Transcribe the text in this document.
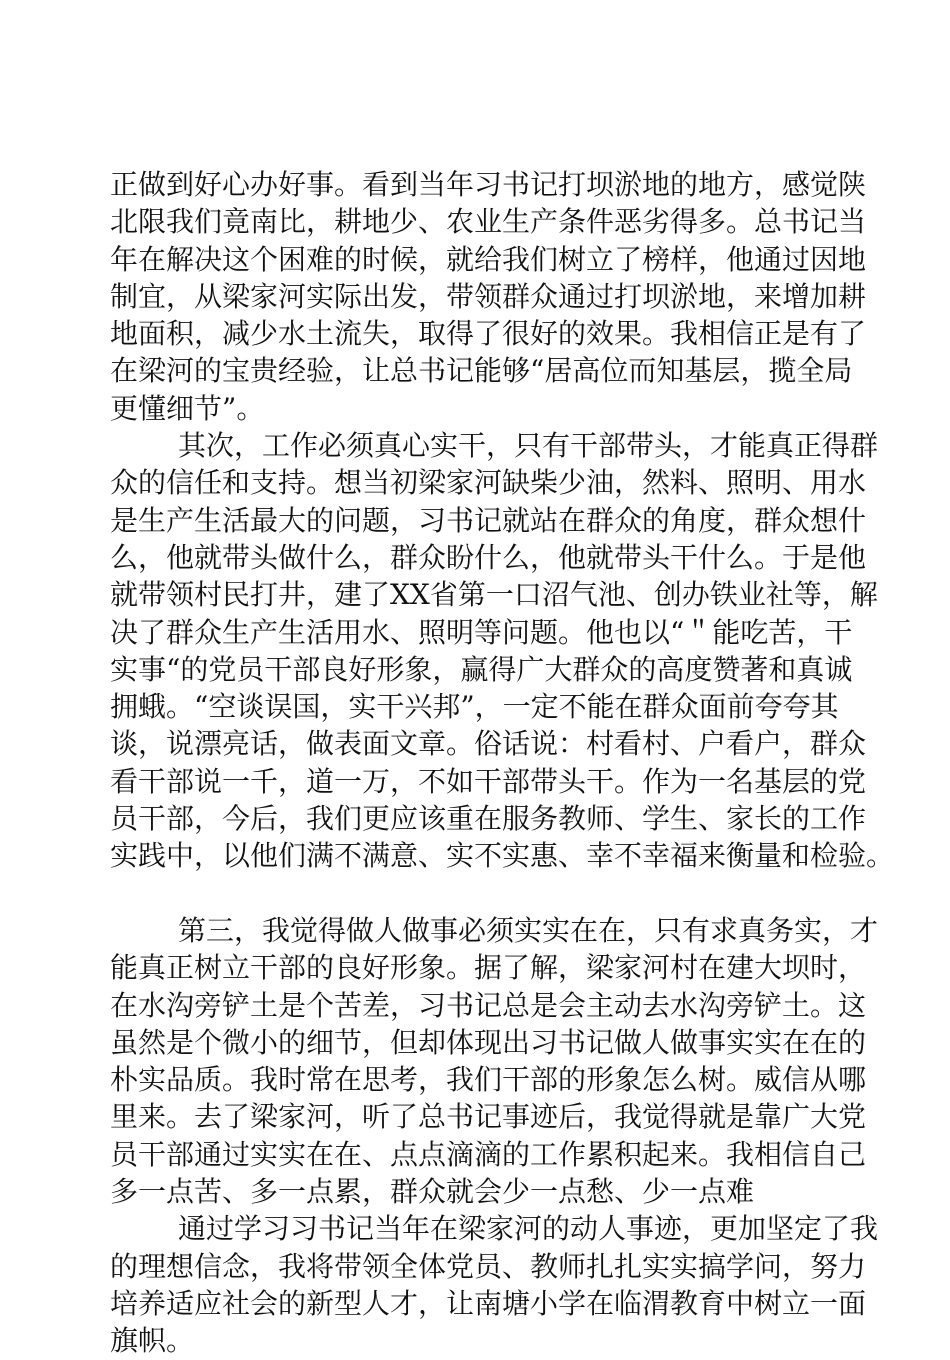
正做到好心办好事。看到当年习书记打坝淤地的地方，感觉陕
北限我们竟南比，耕地少、农业生产条件恶劣得多。总书记当
年在解决这个困难的时候，就给我们树立了榜样，他通过因地
制宜，从梁家河实际出发，带领群众通过打坝淤地，来增加耕
地面积，减少水土流失，取得了很好的效果。我相信正是有了
在梁河的宝贵经验，让总书记能够“居高位而知基层，揽全局
更懂细节”。
其次，工作必须真心实干，只有干部带头，才能真正得群
众的信任和支持。想当初梁家河缺柴少油，然料、照明、用水
是生产生活最大的问题，习书记就站在群众的角度，群众想什
么，他就带头做什么，群众盼什么，他就带头干什么。于是他
就带领村民打井，建了XX省第一口沼气池、创办铁业社等，解
决了群众生产生活用水、照明等问题。他也以“＂能吃苦，干
实事“的党员干部良好形象，赢得广大群众的高度赞著和真诚
拥蛾。“空谈误国，实干兴邦”，一定不能在群众面前夸夸其
谈，说漂亮话，做表面文章。俗话说：村看村、户看户，群众
看干部说一千，道一万，不如干部带头干。作为一名基层的党
员干部，今后，我们更应该重在服务教师、学生、家长的工作
实践中，以他们满不满意、实不实惠、幸不幸福来衡量和检验。
第三，我觉得做人做事必须实实在在，只有求真务实，才
能真正树立干部的良好形象。据了解，梁家河村在建大坝时，
在水沟旁铲土是个苦差，习书记总是会主动去水沟旁铲土。这
虽然是个微小的细节，但却体现出习书记做人做事实实在在的
朴实品质。我时常在思考，我们干部的形象怎么树。威信从哪
里来。去了梁家河，听了总书记事迹后，我觉得就是靠广大党
员干部通过实实在在、点点滴滴的工作累积起来。我相信自己
多一点苦、多一点累，群众就会少一点愁、少一点难
通过学习习书记当年在梁家河的动人事迹，更加坚定了我
的理想信念，我将带领全体党员、教师扎扎实实搞学问，努力
培养适应社会的新型人才，让南塘小学在临渭教育中树立一面
旗帜。
